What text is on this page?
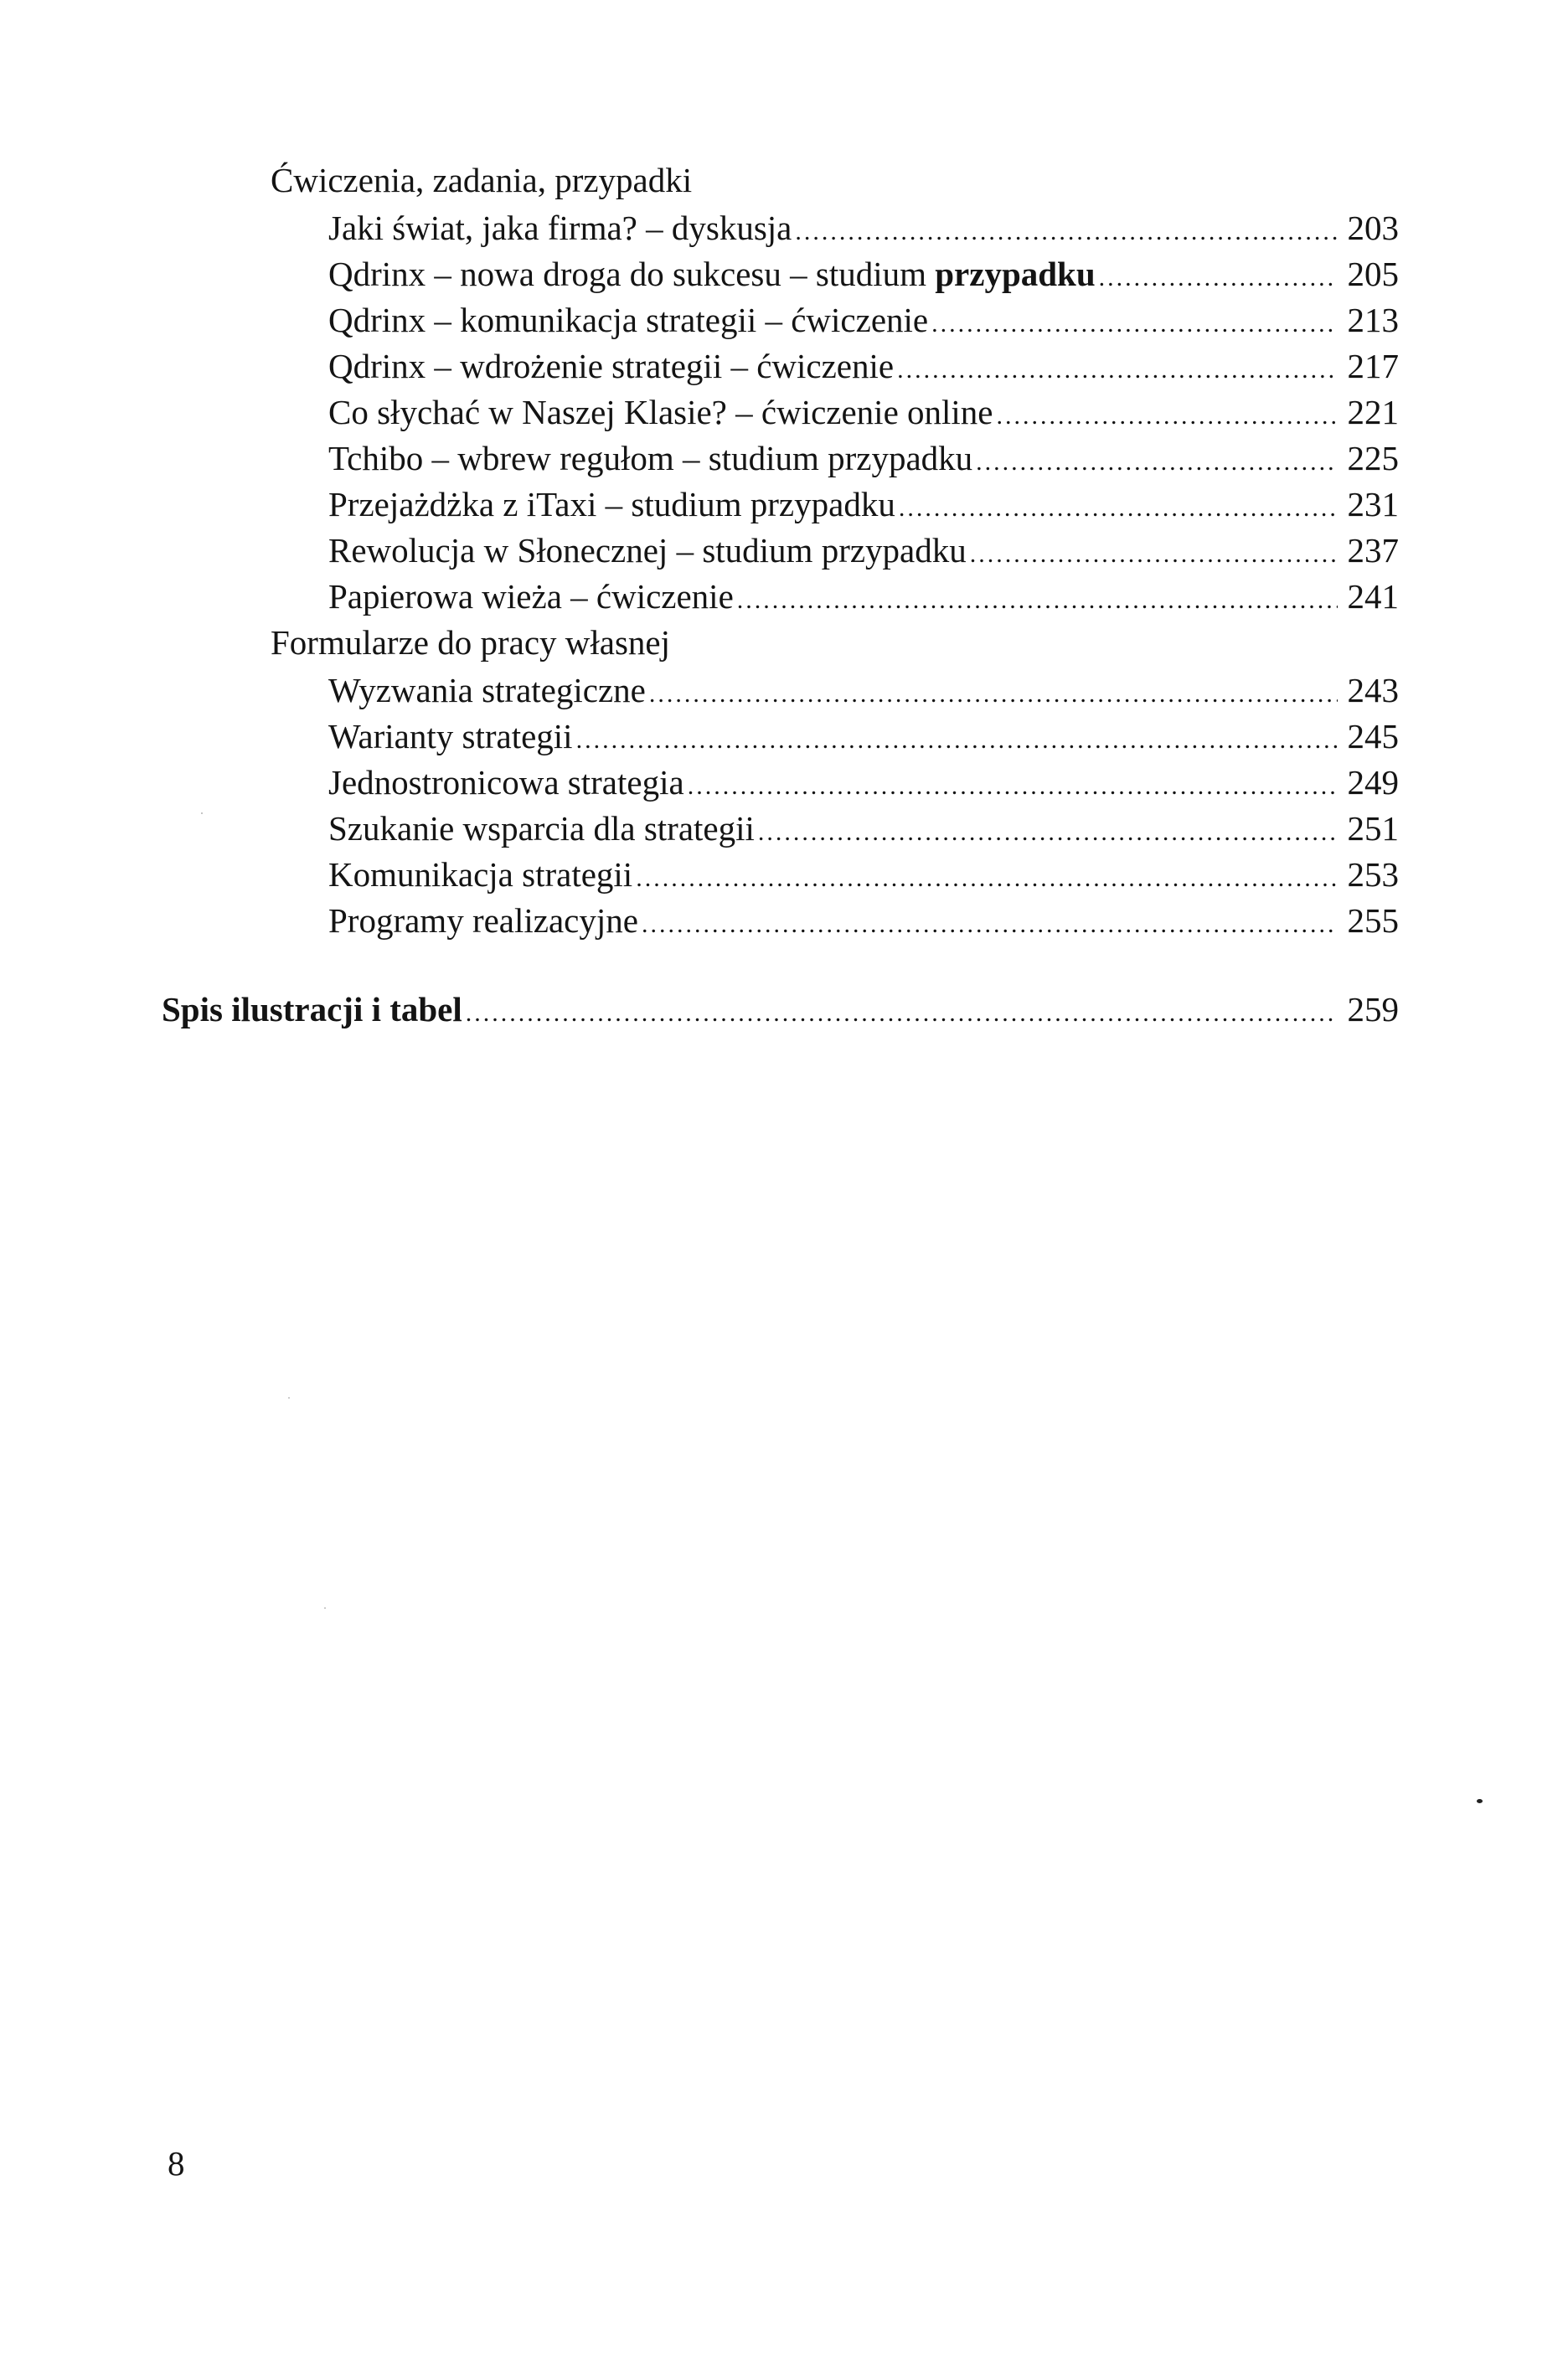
Ćwiczenia, zadania, przypadki
Jaki świat, jaka firma? – dyskusja .....	203
Qdrinx – nowa droga do sukcesu – studium przypadku .....	205
Qdrinx – komunikacja strategii – ćwiczenie .....	213
Qdrinx – wdrożenie strategii – ćwiczenie .....	217
Co słychać w Naszej Klasie? – ćwiczenie online .....	221
Tchibo – wbrew regułom – studium przypadku .....	225
Przejażdżka z iTaxi – studium przypadku .....	231
Rewolucja w Słonecznej – studium przypadku .....	237
Papierowa wieża – ćwiczenie .....	241
Formularze do pracy własnej
Wyzwania strategiczne .....	243
Warianty strategii .....	245
Jednostronicowa strategia .....	249
Szukanie wsparcia dla strategii .....	251
Komunikacja strategii .....	253
Programy realizacyjne .....	255
Spis ilustracji i tabel .....	259
8
